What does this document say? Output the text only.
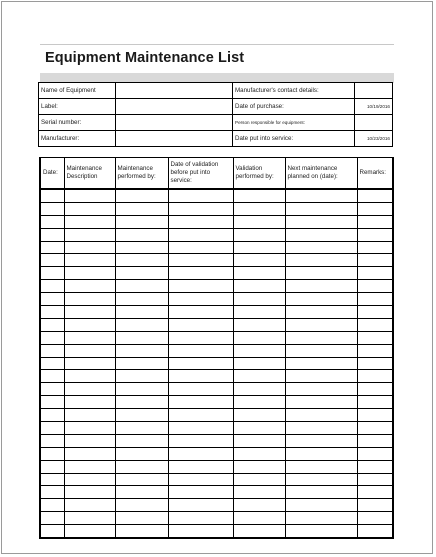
Equipment Maintenance List
Name of Equipment		Manufacturer's contact details:	
Label:		Date of purchase:	10/19/2016
Serial number:		Person responsible for equipment:	
Manufacturer:		Date put into service:	10/23/2016
Date:	Maintenance Description	Maintenance performed by:	Date of validation before put into service:	Validation performed by:	Next maintenance planned on (date):	Remarks:
